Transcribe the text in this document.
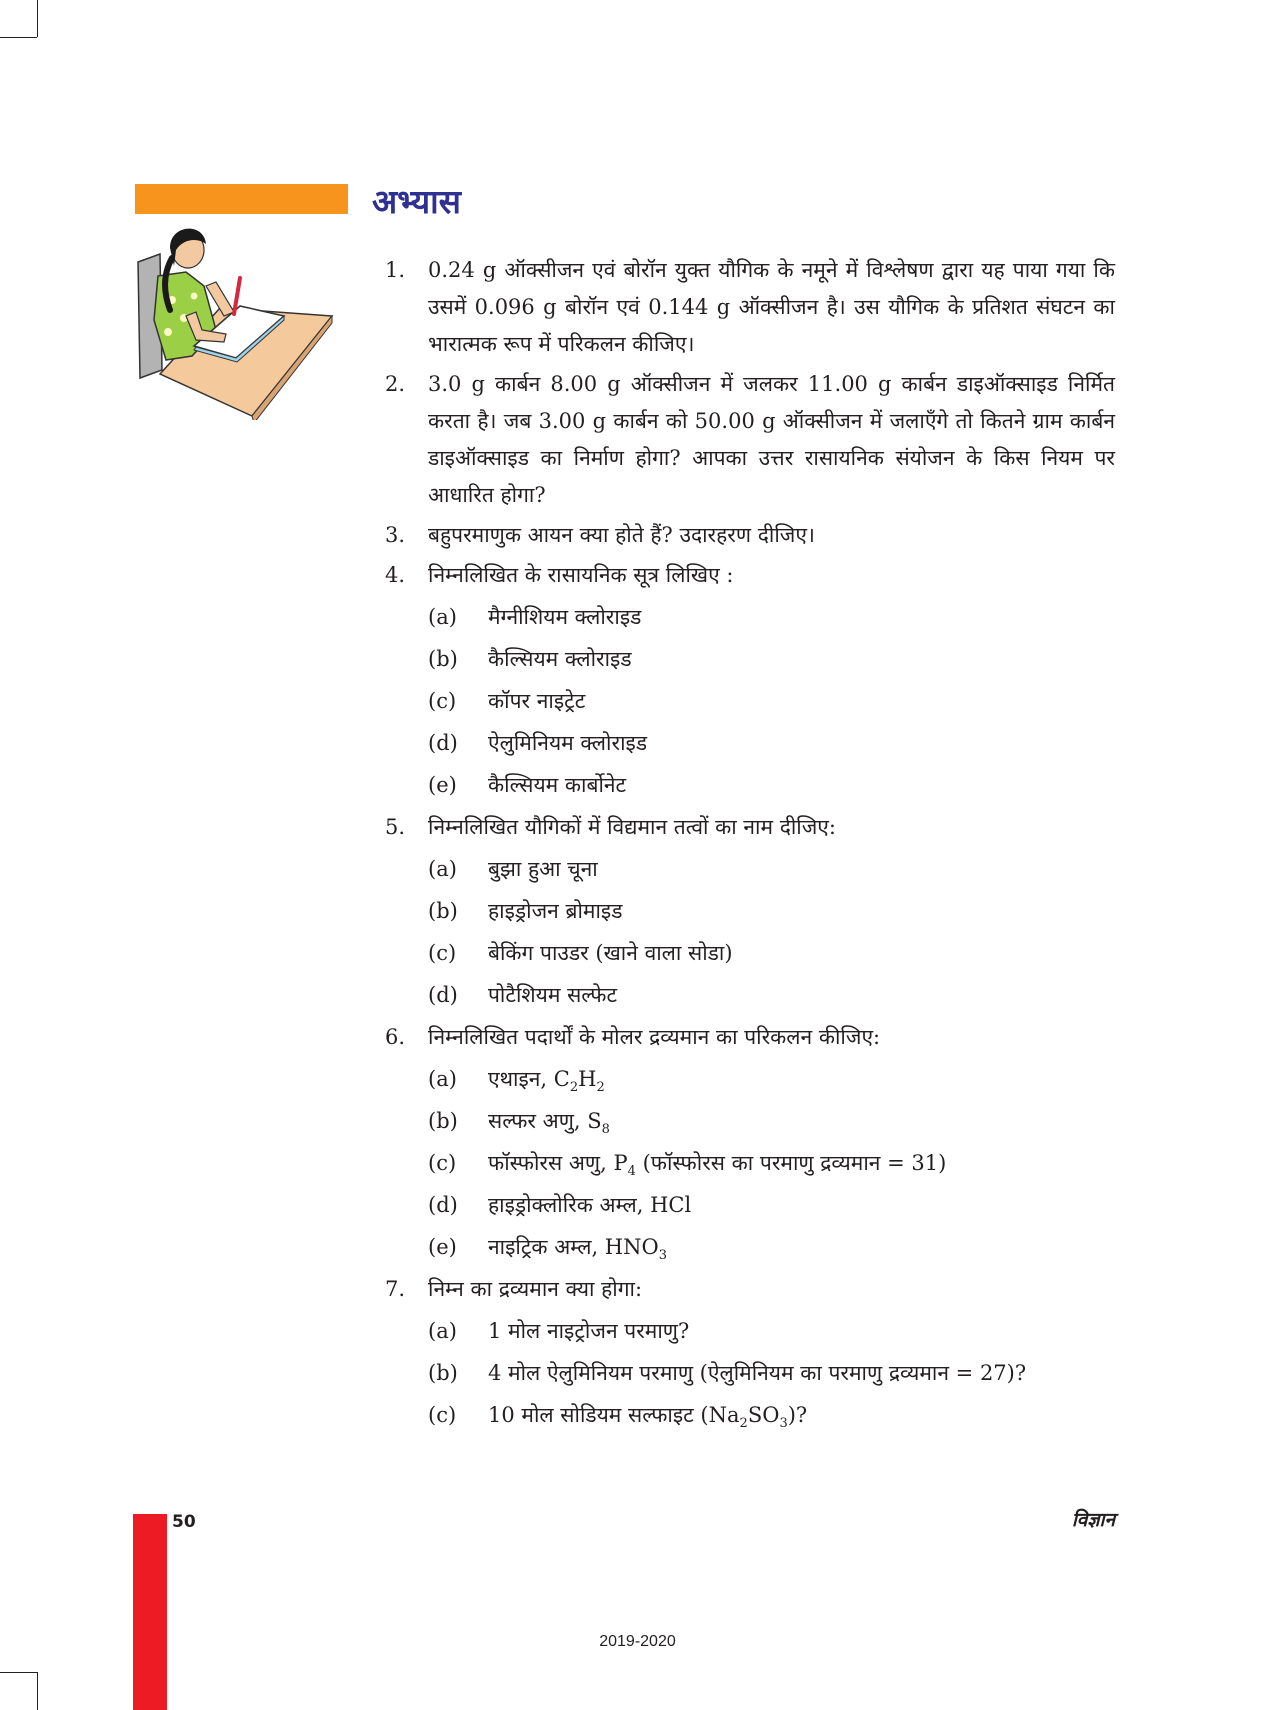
अभ्यास
1.	0.24 g ऑक्सीजन एवं बोरॉन युक्त यौगिक के नमूने में विश्लेषण द्वारा यह पाया गया कि उसमें 0.096 g बोरॉन एवं 0.144 g ऑक्सीजन है। उस यौगिक के प्रतिशत संघटन का भारात्मक रूप में परिकलन कीजिए।
2.	3.0 g कार्बन 8.00 g ऑक्सीजन में जलकर 11.00 g कार्बन डाइऑक्साइड निर्मित करता है। जब 3.00 g कार्बन को 50.00 g ऑक्सीजन में जलाएँगे तो कितने ग्राम कार्बन डाइऑक्साइड का निर्माण होगा? आपका उत्तर रासायनिक संयोजन के किस नियम पर आधारित होगा?
3.	बहुपरमाणुक आयन क्या होते हैं? उदारहरण दीजिए।
4.	निम्नलिखित के रासायनिक सूत्र लिखिए :
(a)	मैग्नीशियम क्लोराइड
(b)	कैल्सियम क्लोराइड
(c)	कॉपर नाइट्रेट
(d)	ऐलुमिनियम क्लोराइड
(e)	कैल्सियम कार्बोनेट
5.	निम्नलिखित यौगिकों में विद्यमान तत्वों का नाम दीजिए:
(a)	बुझा हुआ चूना
(b)	हाइड्रोजन ब्रोमाइड
(c)	बेकिंग पाउडर (खाने वाला सोडा)
(d)	पोटैशियम सल्फेट
6.	निम्नलिखित पदार्थों के मोलर द्रव्यमान का परिकलन कीजिए:
(a)	एथाइन, $C_2H_2$
(b)	सल्फर अणु, $S_8$
(c)	फॉस्फोरस अणु, $P_4$ (फॉस्फोरस का परमाणु द्रव्यमान = 31)
(d)	हाइड्रोक्लोरिक अम्ल, HCl
(e)	नाइट्रिक अम्ल, $HNO_3$
7.	निम्न का द्रव्यमान क्या होगा:
(a)	1 मोल नाइट्रोजन परमाणु?
(b)	4 मोल ऐलुमिनियम परमाणु (ऐलुमिनियम का परमाणु द्रव्यमान = 27)?
(c)	10 मोल सोडियम सल्फाइट $(Na_2SO_3)$?
50	विज्ञान
2019-2020
